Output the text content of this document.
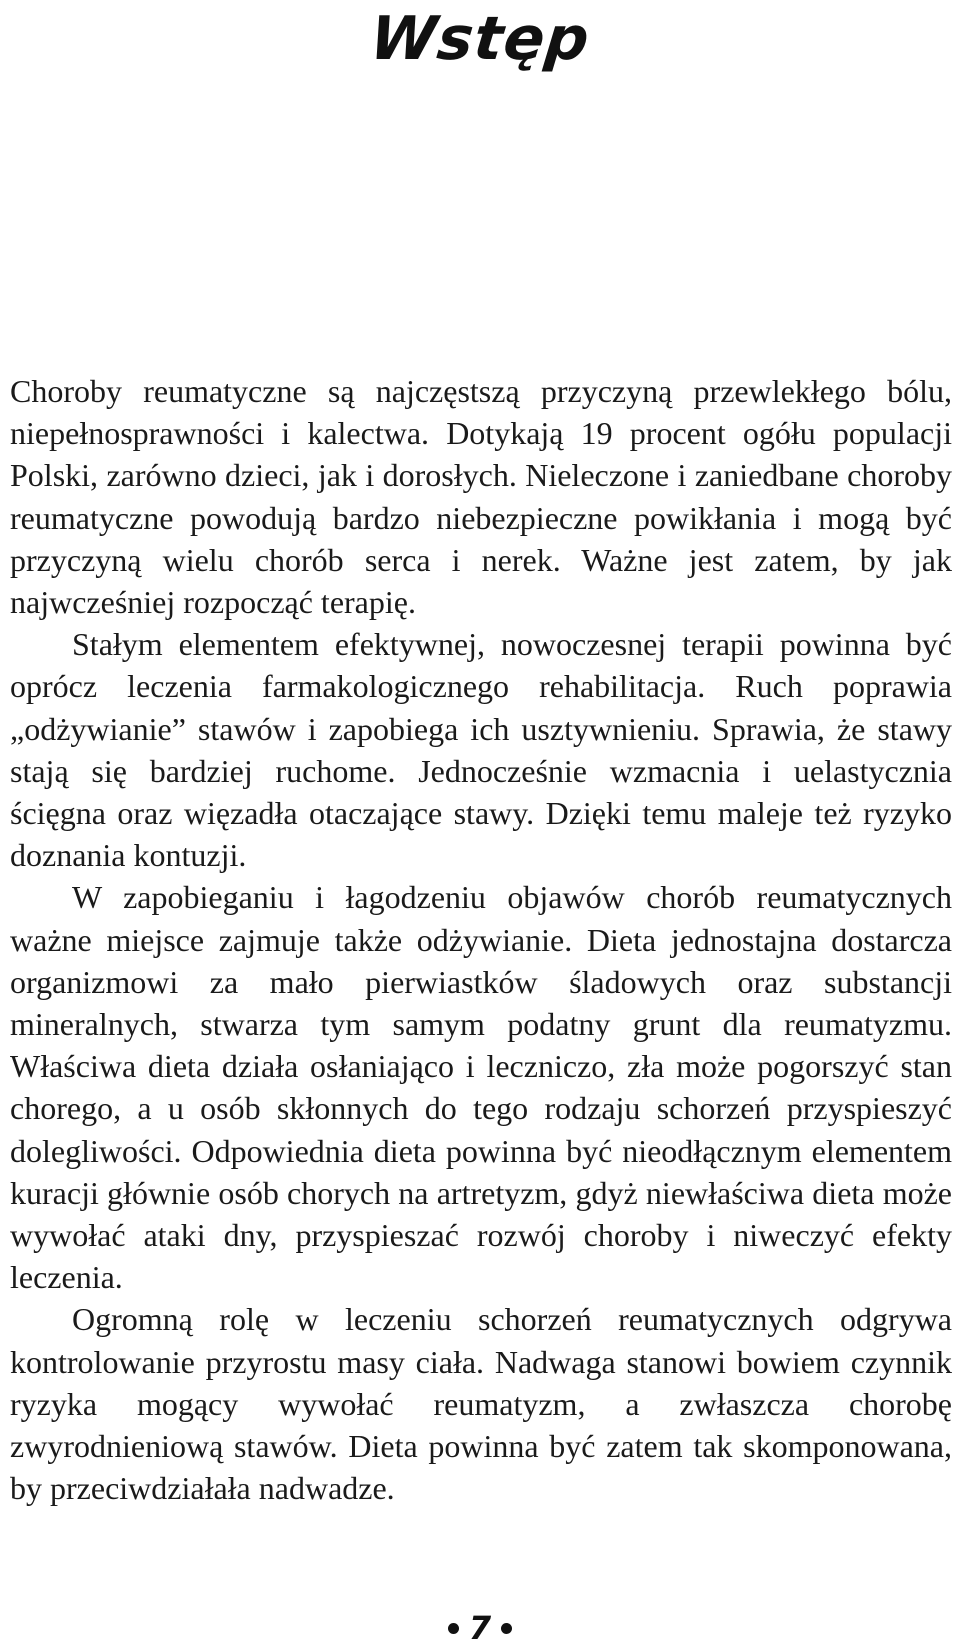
Wstęp

Choroby reumatyczne są najczęstszą przyczyną przewlekłego bólu, niepełnosprawności i kalectwa. Dotykają 19 procent ogółu populacji Polski, zarówno dzieci, jak i dorosłych. Nieleczone i zaniedbane choroby reumatyczne powodują bardzo niebezpieczne powikłania i mogą być przyczyną wielu chorób serca i nerek. Ważne jest zatem, by jak najwcześniej rozpocząć terapię.

Stałym elementem efektywnej, nowoczesnej terapii powinna być oprócz leczenia farmakologicznego rehabilitacja. Ruch poprawia „odżywianie” stawów i zapobiega ich usztywnieniu. Sprawia, że stawy stają się bardziej ruchome. Jednocześnie wzmacnia i uelastycznia ścięgna oraz więzadła otaczające stawy. Dzięki temu maleje też ryzyko doznania kontuzji.

W zapobieganiu i łagodzeniu objawów chorób reumatycznych ważne miejsce zajmuje także odżywianie. Dieta jednostajna dostarcza organizmowi za mało pierwiastków śladowych oraz substancji mineralnych, stwarza tym samym podatny grunt dla reumatyzmu. Właściwa dieta działa osłaniająco i leczniczo, zła może pogorszyć stan chorego, a u osób skłonnych do tego rodzaju schorzeń przyspieszyć dolegliwości. Odpowiednia dieta powinna być nieodłącznym elementem kuracji głównie osób chorych na artretyzm, gdyż niewłaściwa dieta może wywołać ataki dny, przyspieszać rozwój choroby i niweczyć efekty leczenia.

Ogromną rolę w leczeniu schorzeń reumatycznych odgrywa kontrolowanie przyrostu masy ciała. Nadwaga stanowi bowiem czynnik ryzyka mogący wywołać reumatyzm, a zwłaszcza chorobę zwyrodnieniową stawów. Dieta powinna być zatem tak skomponowana, by przeciwdziałała nadwadze.

7
